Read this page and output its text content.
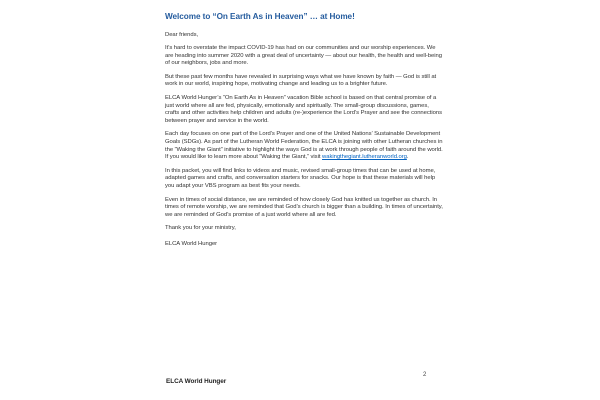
Welcome to “On Earth As in Heaven” … at Home!

Dear friends,

It’s hard to overstate the impact COVID-19 has had on our communities and our worship experiences. We are heading into summer 2020 with a great deal of uncertainty — about our health, the health and well-being of our neighbors, jobs and more.

But these past few months have revealed in surprising ways what we have known by faith — God is still at work in our world, inspiring hope, motivating change and leading us to a brighter future.

ELCA World Hunger’s “On Earth As in Heaven” vacation Bible school is based on that central promise of a just world where all are fed, physically, emotionally and spiritually. The small-group discussions, games, crafts and other activities help children and adults (re-)experience the Lord’s Prayer and see the connections between prayer and service in the world.

Each day focuses on one part of the Lord’s Prayer and one of the United Nations’ Sustainable Development Goals (SDGs). As part of the Lutheran World Federation, the ELCA is joining with other Lutheran churches in the “Waking the Giant” initiative to highlight the ways God is at work through people of faith around the world. If you would like to learn more about “Waking the Giant,” visit wakingthegiant.lutheranworld.org.

In this packet, you will find links to videos and music, revised small-group times that can be used at home, adapted games and crafts, and conversation starters for snacks. Our hope is that these materials will help you adapt your VBS program as best fits your needs.

Even in times of social distance, we are reminded of how closely God has knitted us together as church. In times of remote worship, we are reminded that God’s church is bigger than a building. In times of uncertainty, we are reminded of God’s promise of a just world where all are fed.

Thank you for your ministry,

ELCA World Hunger

ELCA World Hunger
2
